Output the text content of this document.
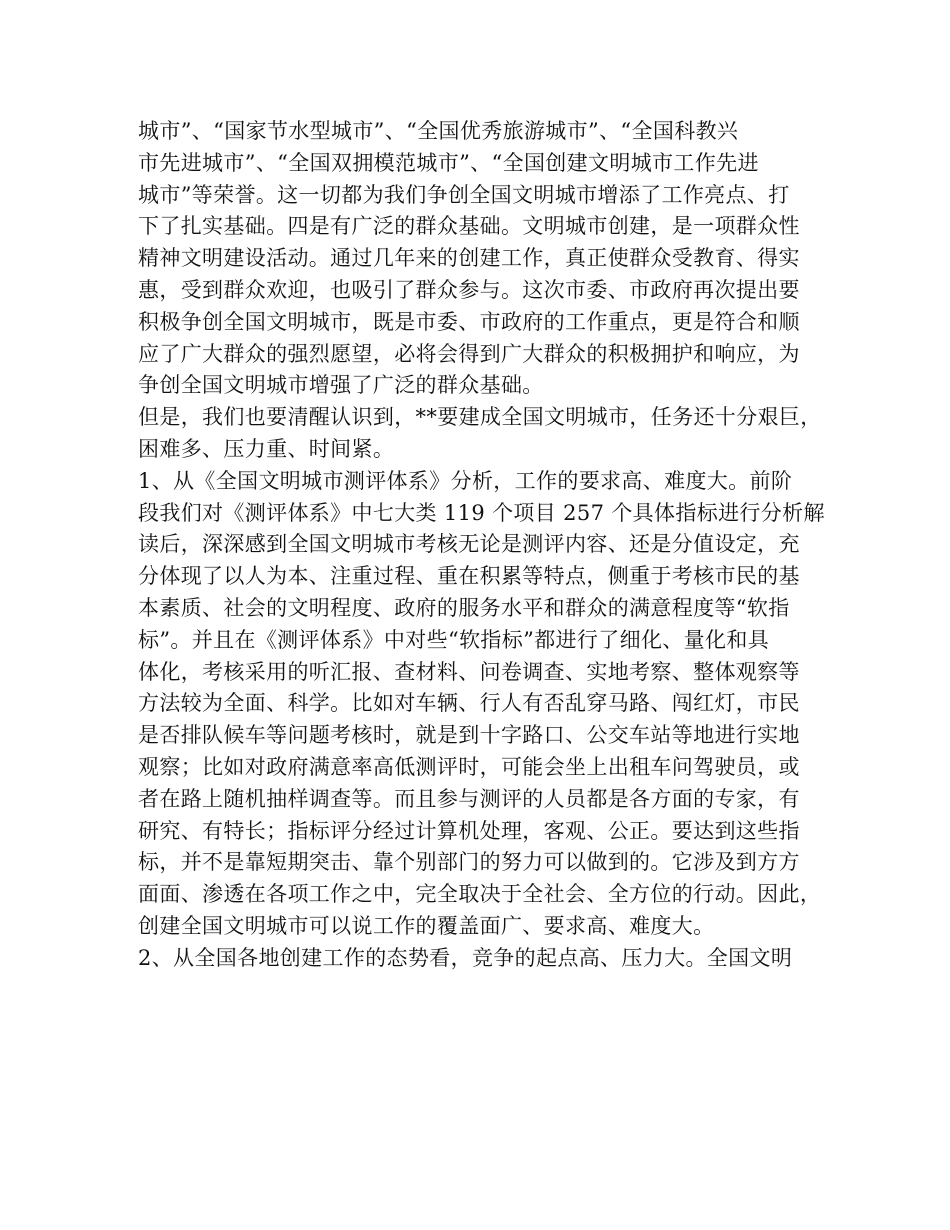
城市”、“国家节水型城市”、“全国优秀旅游城市”、“全国科教兴
市先进城市”、“全国双拥模范城市”、“全国创建文明城市工作先进
城市”等荣誉。这一切都为我们争创全国文明城市增添了工作亮点、打
下了扎实基础。四是有广泛的群众基础。文明城市创建，是一项群众性
精神文明建设活动。通过几年来的创建工作，真正使群众受教育、得实
惠，受到群众欢迎，也吸引了群众参与。这次市委、市政府再次提出要
积极争创全国文明城市，既是市委、市政府的工作重点，更是符合和顺
应了广大群众的强烈愿望，必将会得到广大群众的积极拥护和响应，为
争创全国文明城市增强了广泛的群众基础。
但是，我们也要清醒认识到，**要建成全国文明城市，任务还十分艰巨，
困难多、压力重、时间紧。
1、从《全国文明城市测评体系》分析，工作的要求高、难度大。前阶
段我们对《测评体系》中七大类 119 个项目 257 个具体指标进行分析解
读后，深深感到全国文明城市考核无论是测评内容、还是分值设定，充
分体现了以人为本、注重过程、重在积累等特点，侧重于考核市民的基
本素质、社会的文明程度、政府的服务水平和群众的满意程度等“软指
标”。并且在《测评体系》中对些“软指标”都进行了细化、量化和具
体化，考核采用的听汇报、查材料、问卷调查、实地考察、整体观察等
方法较为全面、科学。比如对车辆、行人有否乱穿马路、闯红灯，市民
是否排队候车等问题考核时，就是到十字路口、公交车站等地进行实地
观察；比如对政府满意率高低测评时，可能会坐上出租车问驾驶员，或
者在路上随机抽样调查等。而且参与测评的人员都是各方面的专家，有
研究、有特长；指标评分经过计算机处理，客观、公正。要达到这些指
标，并不是靠短期突击、靠个别部门的努力可以做到的。它涉及到方方
面面、渗透在各项工作之中，完全取决于全社会、全方位的行动。因此，
创建全国文明城市可以说工作的覆盖面广、要求高、难度大。
2、从全国各地创建工作的态势看，竞争的起点高、压力大。全国文明
